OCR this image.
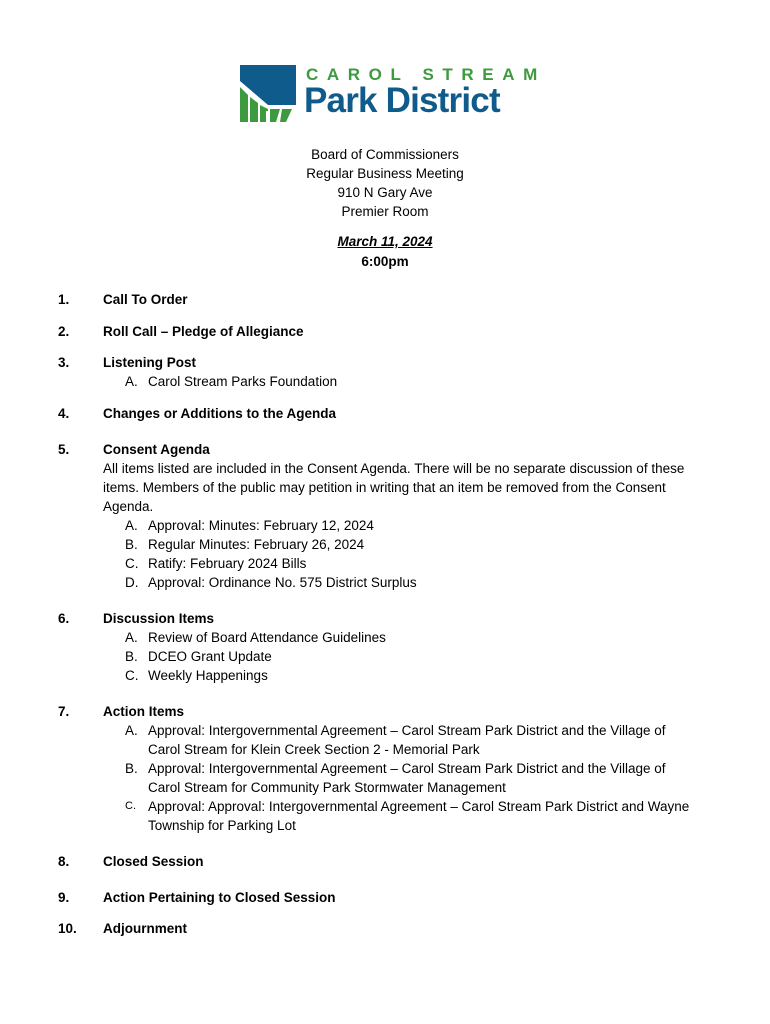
CAROL STREAM
Park District
Board of Commissioners
Regular Business Meeting
910 N Gary Ave
Premier Room
March 11, 2024
6:00pm
1. Call To Order
2. Roll Call – Pledge of Allegiance
3. Listening Post
A. Carol Stream Parks Foundation
4. Changes or Additions to the Agenda
5. Consent Agenda
All items listed are included in the Consent Agenda. There will be no separate discussion of these items. Members of the public may petition in writing that an item be removed from the Consent Agenda.
A. Approval: Minutes: February 12, 2024
B. Regular Minutes: February 26, 2024
C. Ratify: February 2024 Bills
D. Approval: Ordinance No. 575 District Surplus
6. Discussion Items
A. Review of Board Attendance Guidelines
B. DCEO Grant Update
C. Weekly Happenings
7. Action Items
A. Approval: Intergovernmental Agreement – Carol Stream Park District and the Village of Carol Stream for Klein Creek Section 2 - Memorial Park
B. Approval: Intergovernmental Agreement – Carol Stream Park District and the Village of Carol Stream for Community Park Stormwater Management
C. Approval: Approval: Intergovernmental Agreement – Carol Stream Park District and Wayne Township for Parking Lot
8. Closed Session
9. Action Pertaining to Closed Session
10. Adjournment
